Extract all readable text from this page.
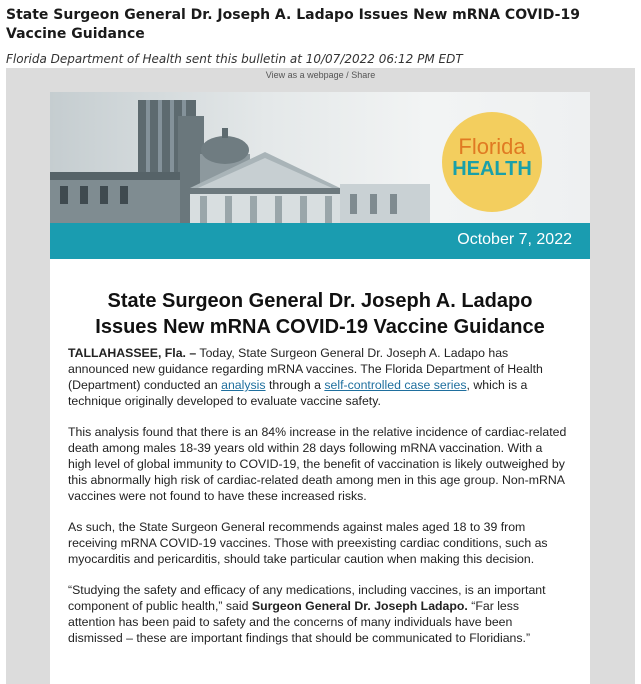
State Surgeon General Dr. Joseph A. Ladapo Issues New mRNA COVID-19 Vaccine Guidance
Florida Department of Health sent this bulletin at 10/07/2022 06:12 PM EDT
View as a webpage / Share
Florida
HEALTH
October 7, 2022
State Surgeon General Dr. Joseph A. Ladapo
Issues New mRNA COVID-19 Vaccine Guidance

TALLAHASSEE, Fla. – Today, State Surgeon General Dr. Joseph A. Ladapo has announced new guidance regarding mRNA vaccines. The Florida Department of Health (Department) conducted an analysis through a self-controlled case series, which is a technique originally developed to evaluate vaccine safety.

This analysis found that there is an 84% increase in the relative incidence of cardiac-related death among males 18-39 years old within 28 days following mRNA vaccination. With a high level of global immunity to COVID-19, the benefit of vaccination is likely outweighed by this abnormally high risk of cardiac-related death among men in this age group. Non-mRNA vaccines were not found to have these increased risks.

As such, the State Surgeon General recommends against males aged 18 to 39 from receiving mRNA COVID-19 vaccines. Those with preexisting cardiac conditions, such as myocarditis and pericarditis, should take particular caution when making this decision.

“Studying the safety and efficacy of any medications, including vaccines, is an important component of public health,” said Surgeon General Dr. Joseph Ladapo. “Far less attention has been paid to safety and the concerns of many individuals have been dismissed – these are important findings that should be communicated to Floridians.”
